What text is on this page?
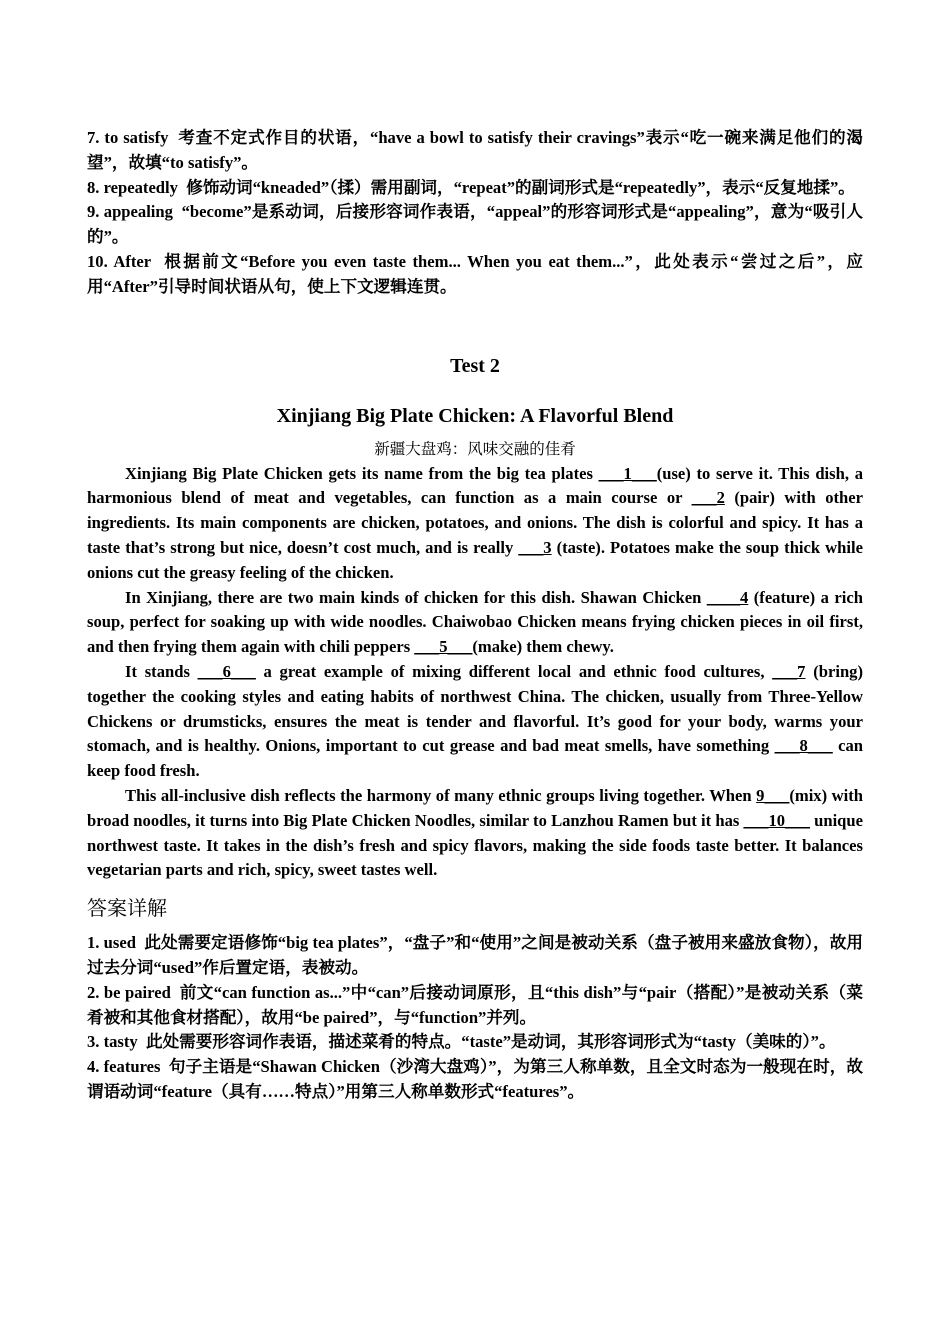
7. to satisfy 考查不定式作目的状语，“have a bowl to satisfy their cravings”表示“吃一碗来满足他们的渴望”，故填“to satisfy”。

8. repeatedly 修饰动词“kneaded”（揉）需用副词，“repeat”的副词形式是“repeatedly”，表示“反复地揉”。

9. appealing “become”是系动词，后接形容词作表语，“appeal”的形容词形式是“appealing”，意为“吸引人的”。

10. After 根据前文“Before you even taste them... When you eat them...”，此处表示“尝过之后”，应用“After”引导时间状语从句，使上下文逻辑连贯。

Test 2

Xinjiang Big Plate Chicken: A Flavorful Blend

新疆大盘鸡：风味交融的佳肴

Xinjiang Big Plate Chicken gets its name from the big tea plates ___1___(use) to serve it. This dish, a harmonious blend of meat and vegetables, can function as a main course or ___2 (pair) with other ingredients. Its main components are chicken, potatoes, and onions. The dish is colorful and spicy. It has a taste that’s strong but nice, doesn’t cost much, and is really ___3 (taste). Potatoes make the soup thick while onions cut the greasy feeling of the chicken.

In Xinjiang, there are two main kinds of chicken for this dish. Shawan Chicken ____4 (feature) a rich soup, perfect for soaking up with wide noodles. Chaiwobao Chicken means frying chicken pieces in oil first, and then frying them again with chili peppers ___5___(make) them chewy.

It stands ___6___ a great example of mixing different local and ethnic food cultures, ___7 (bring) together the cooking styles and eating habits of northwest China. The chicken, usually from Three-Yellow Chickens or drumsticks, ensures the meat is tender and flavorful. It’s good for your body, warms your stomach, and is healthy. Onions, important to cut grease and bad meat smells, have something ___8___ can keep food fresh.

This all-inclusive dish reflects the harmony of many ethnic groups living together. When 9___(mix) with broad noodles, it turns into Big Plate Chicken Noodles, similar to Lanzhou Ramen but it has ___10___ unique northwest taste. It takes in the dish’s fresh and spicy flavors, making the side foods taste better. It balances vegetarian parts and rich, spicy, sweet tastes well.

答案详解

1. used 此处需要定语修饰“big tea plates”，“盘子”和“使用”之间是被动关系（盘子被用来盛放食物），故用过去分词“used”作后置定语，表被动。

2. be paired 前文“can function as...”中“can”后接动词原形，且“this dish”与“pair（搭配）”是被动关系（菜肴被和其他食材搭配），故用“be paired”，与“function”并列。

3. tasty 此处需要形容词作表语，描述菜肴的特点。“taste”是动词，其形容词形式为“tasty（美味的）”。

4. features 句子主语是“Shawan Chicken（沙湾大盘鸡）”，为第三人称单数，且全文时态为一般现在时，故谓语动词“feature（具有……特点）”用第三人称单数形式“features”。
